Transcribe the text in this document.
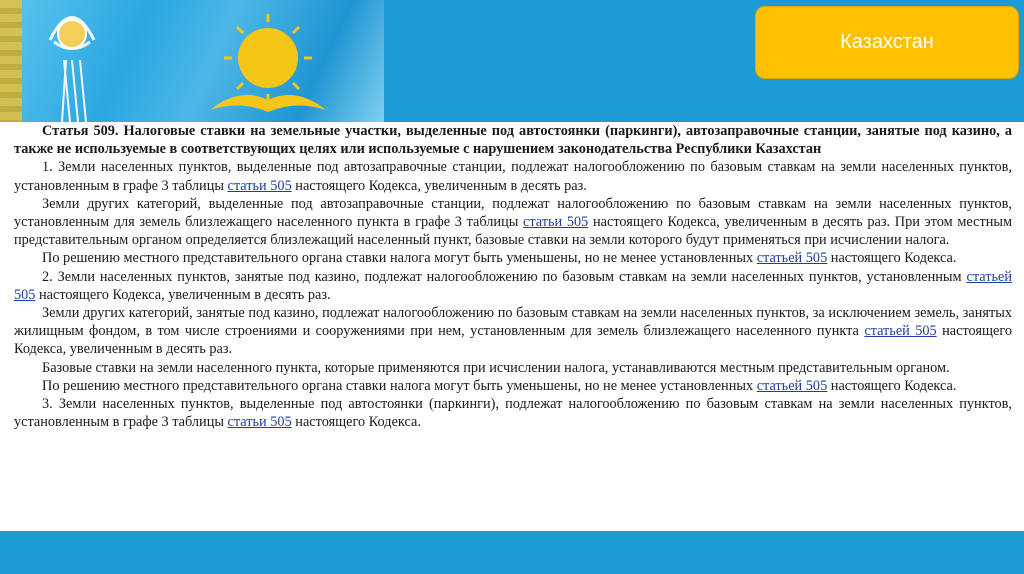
Казахстан

Статья 509. Налоговые ставки на земельные участки, выделенные под автостоянки (паркинги), автозаправочные станции, занятые под казино, а также не используемые в соответствующих целях или используемые с нарушением законодательства Республики Казахстан

1. Земли населенных пунктов, выделенные под автозаправочные станции, подлежат налогообложению по базовым ставкам на земли населенных пунктов, установленным в графе 3 таблицы статьи 505 настоящего Кодекса, увеличенным в десять раз.

Земли других категорий, выделенные под автозаправочные станции, подлежат налогообложению по базовым ставкам на земли населенных пунктов, установленным для земель близлежащего населенного пункта в графе 3 таблицы статьи 505 настоящего Кодекса, увеличенным в десять раз. При этом местным представительным органом определяется близлежащий населенный пункт, базовые ставки на земли которого будут применяться при исчислении налога.

По решению местного представительного органа ставки налога могут быть уменьшены, но не менее установленных статьей 505 настоящего Кодекса.

2. Земли населенных пунктов, занятые под казино, подлежат налогообложению по базовым ставкам на земли населенных пунктов, установленным статьей 505 настоящего Кодекса, увеличенным в десять раз.

Земли других категорий, занятые под казино, подлежат налогообложению по базовым ставкам на земли населенных пунктов, за исключением земель, занятых жилищным фондом, в том числе строениями и сооружениями при нем, установленным для земель близлежащего населенного пункта статьей 505 настоящего Кодекса, увеличенным в десять раз.

Базовые ставки на земли населенного пункта, которые применяются при исчислении налога, устанавливаются местным представительным органом.

По решению местного представительного органа ставки налога могут быть уменьшены, но не менее установленных статьей 505 настоящего Кодекса.

3. Земли населенных пунктов, выделенные под автостоянки (паркинги), подлежат налогообложению по базовым ставкам на земли населенных пунктов, установленным в графе 3 таблицы статьи 505 настоящего Кодекса.
